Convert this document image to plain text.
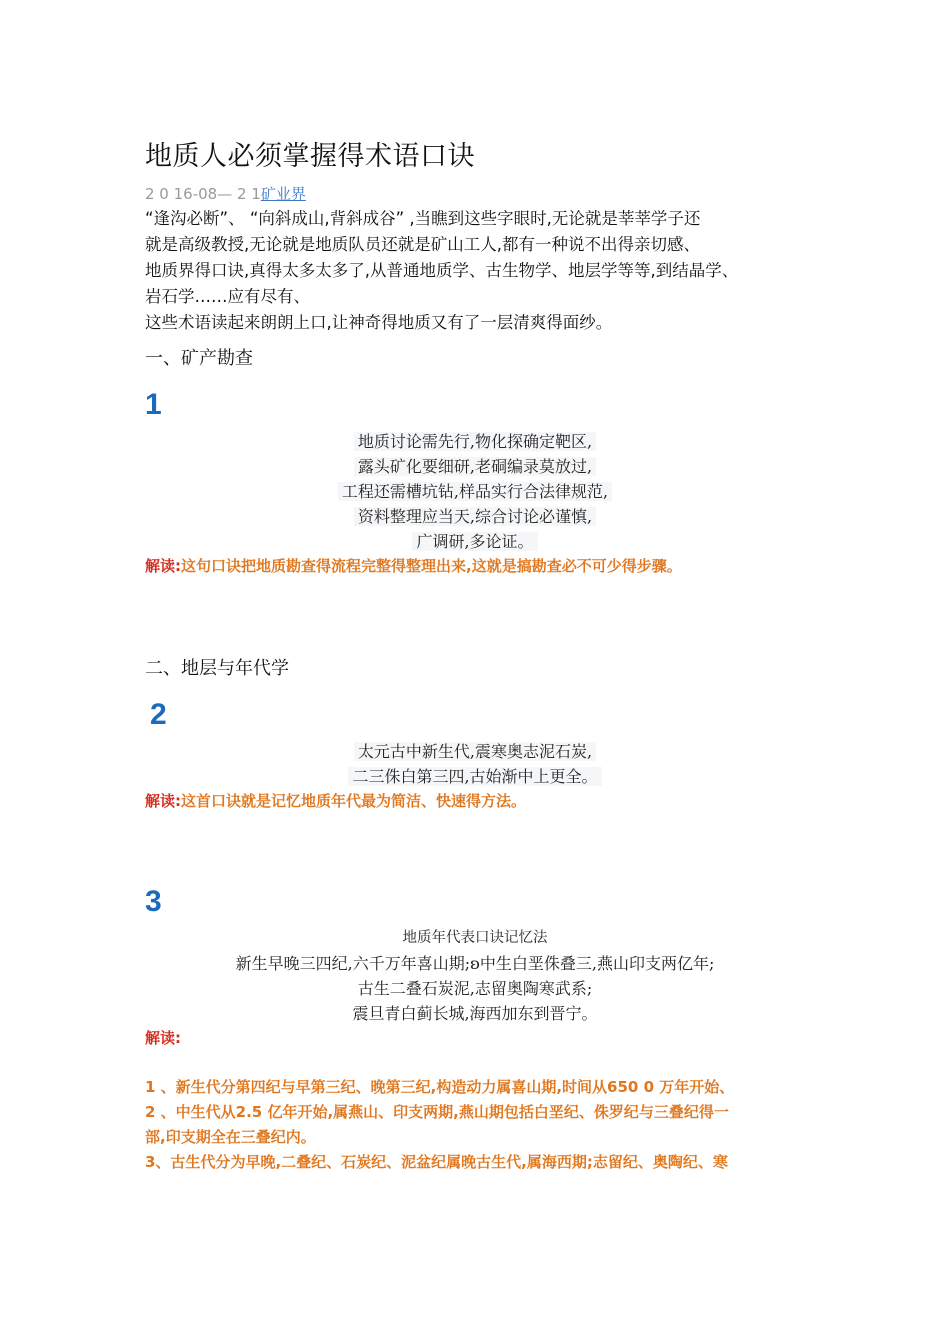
地质人必须掌握得术语口诀
2 0 16-08— 2 1矿业界
“逢沟必断”、 “向斜成山,背斜成谷” ,当瞧到这些字眼时,无论就是莘莘学子还
就是高级教授,无论就是地质队员还就是矿山工人,都有一种说不出得亲切感、
地质界得口诀,真得太多太多了,从普通地质学、古生物学、地层学等等,到结晶学、
岩石学……应有尽有、
这些术语读起来朗朗上口,让神奇得地质又有了一层清爽得面纱。
一、矿产勘查
1
地质讨论需先行,物化探确定靶区,
露头矿化要细研,老硐编录莫放过,
工程还需槽坑钻,样品实行合法律规范,
资料整理应当天,综合讨论必谨慎,
广调研,多论证。
解读:这句口诀把地质勘查得流程完整得整理出来,这就是搞勘查必不可少得步骤。
二、地层与年代学
2
太元古中新生代,震寒奥志泥石炭,
二三侏白第三四,古始渐中上更全。
解读:这首口诀就是记忆地质年代最为简洁、快速得方法。
3
地质年代表口诀记忆法
新生早晚三四纪,六千万年喜山期;ʚ中生白垩侏叠三,燕山印支两亿年;
古生二叠石炭泥,志留奥陶寒武系;
震旦青白蓟长城,海西加东到晋宁。
解读:
1 、新生代分第四纪与早第三纪、晚第三纪,构造动力属喜山期,时间从650 0 万年开始、
2 、中生代从2.5 亿年开始,属燕山、印支两期,燕山期包括白垩纪、侏罗纪与三叠纪得一
部,印支期全在三叠纪内。
3、古生代分为早晚,二叠纪、石炭纪、泥盆纪属晚古生代,属海西期;志留纪、奥陶纪、寒
